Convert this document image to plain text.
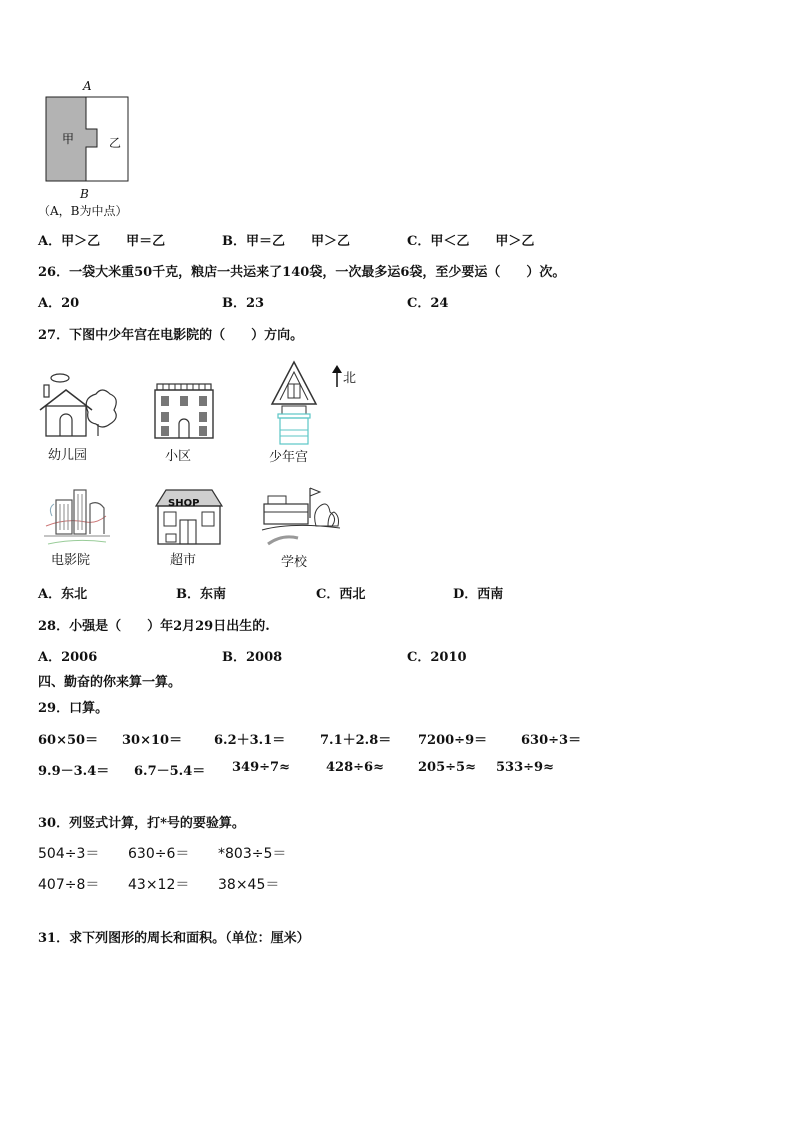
A
甲	乙
B
（A，B为中点）
A．甲＞乙　　甲＝乙	B．甲＝乙　　甲＞乙	C．甲＜乙　　甲＞乙
26．一袋大米重50千克，粮店一共运来了140袋，一次最多运6袋，至少要运（　　）次。
A．20	B．23	C．24
27．下图中少年宫在电影院的（　　）方向。
幼儿园	小区
北
少年宫
电影院
SHOP
超市	学校
A．东北	B．东南	C．西北	D．西南
28．小强是（　　）年2月29日出生的.
A．2006	B．2008	C．2010
四、勤奋的你来算一算。
29．口算。
60×50＝ 30×10＝ 6.2＋3.1＝	7.1＋2.8＝ 7200÷9＝	630÷3＝
9.9－3.4＝ 6.7－5.4＝ 349÷7≈	428÷6≈	205÷5≈ 533÷9≈
30．列竖式计算，打*号的要验算。
504÷3＝ 630÷6＝ *803÷5＝
407÷8＝ 43×12＝ 38×45＝
31．求下列图形的周长和面积。（单位：厘米）
